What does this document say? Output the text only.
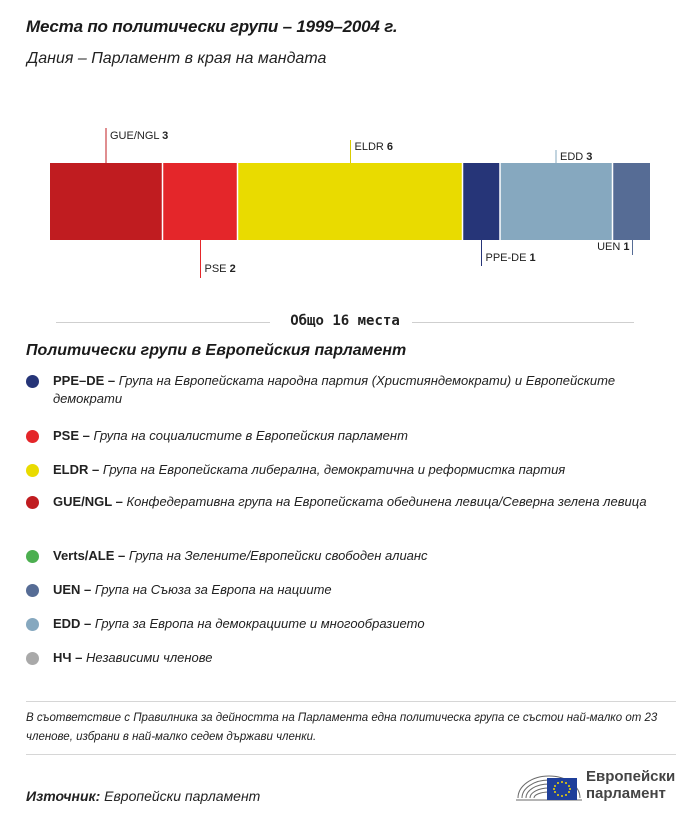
Места по политически групи – 1999–2004 г.
Дания – Парламент в края на мандата
GUE/NGL 3
PSE 2
ELDR 6
PPE-DE 1
EDD 3
UEN 1
Общо 16 места
Политически групи в Европейския парламент
PPE–DE – Група на Европейската народна партия (Християндемократи) и Европейските демократи
PSE – Група на социалистите в Европейския парламент
ELDR – Група на Европейската либерална, демократична и реформистка партия
GUE/NGL – Конфедеративна група на Европейската обединена левица/Северна зелена левица
Verts/ALE – Група на Зелените/Европейски свободен алианс
UEN – Група на Съюза за Европа на нациите
EDD – Група за Европа на демокрациите и многообразието
НЧ – Независими членове
В съответствие с Правилника за дейността на Парламента една политическа група се състои най-малко от 23 членове, избрани в най-малко седем държави членки.
Източник: Европейски парламент
Европейски
парламент
